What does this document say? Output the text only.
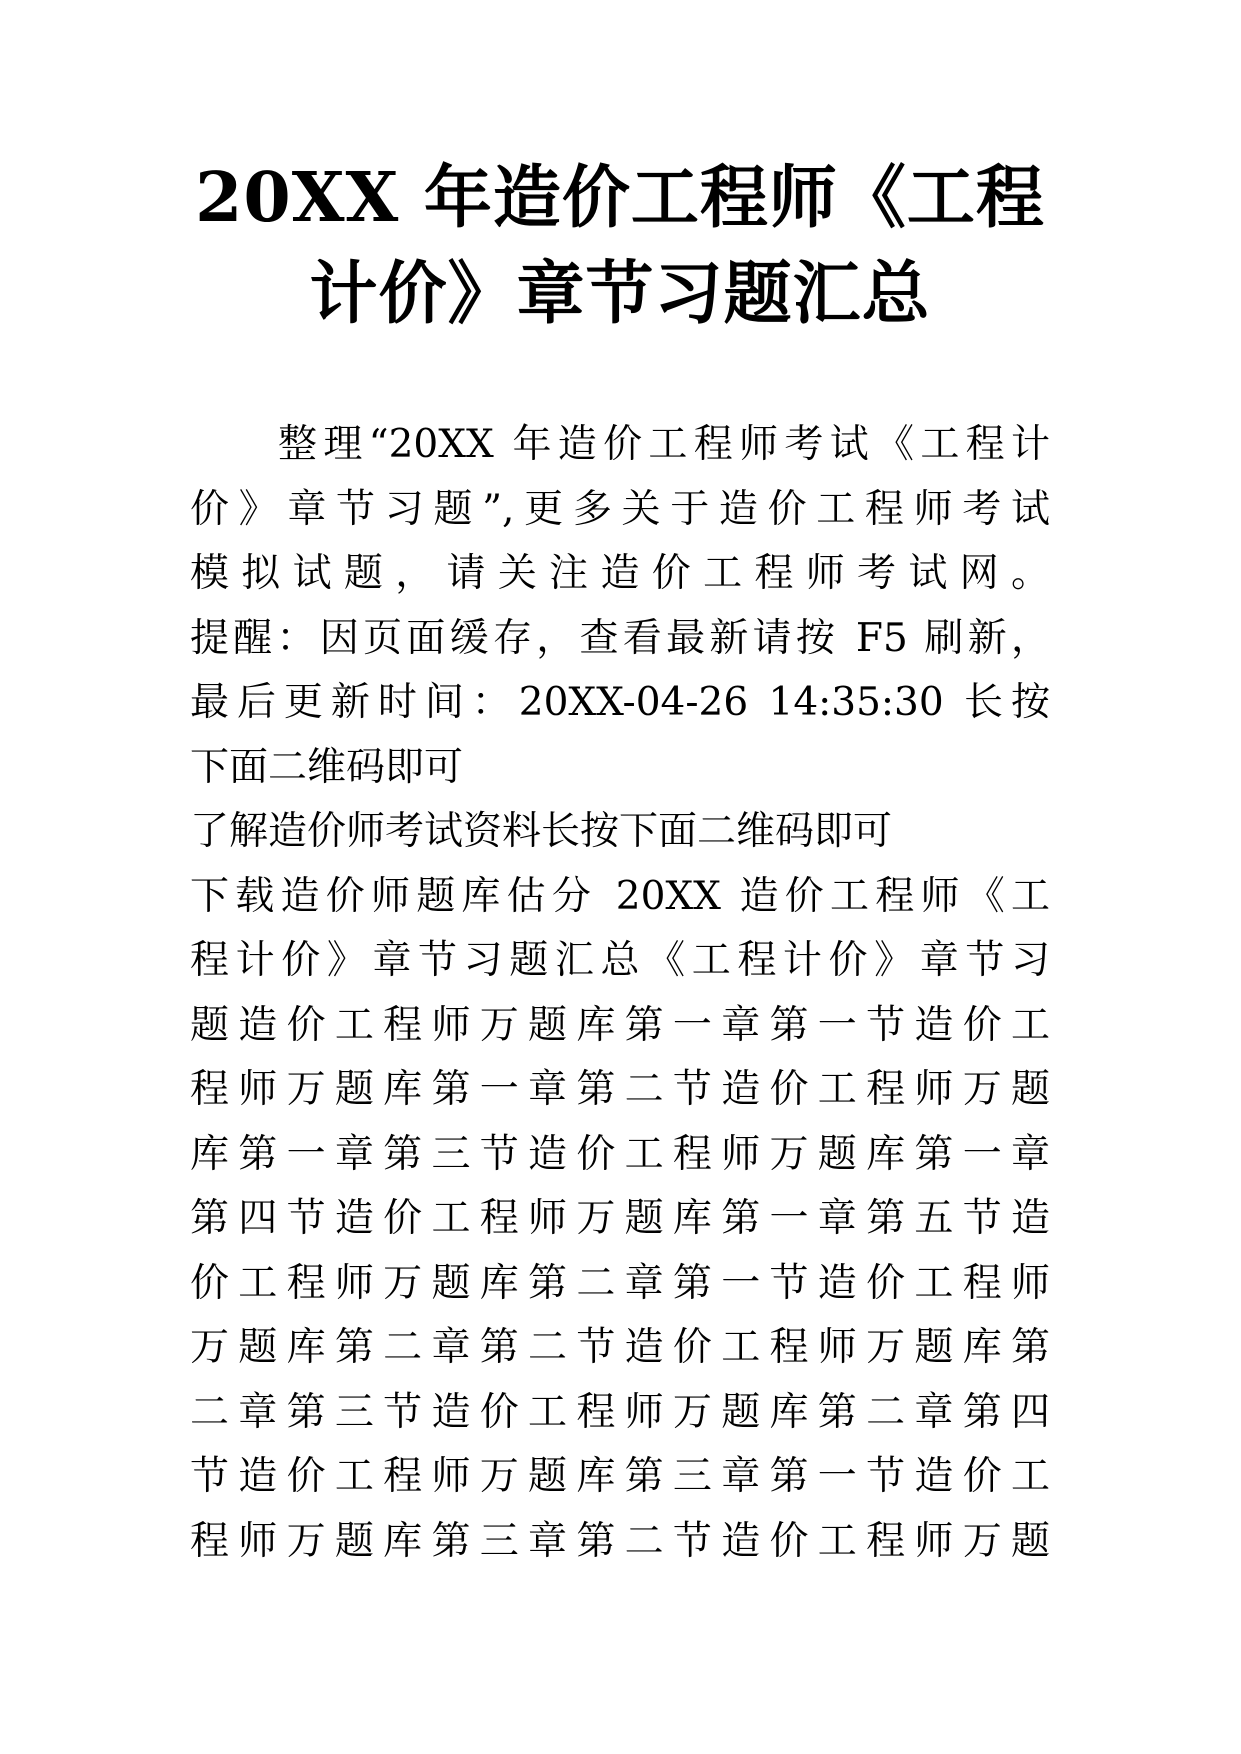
20XX 年造价工程师《工程
计价》章节习题汇总
整理“20XX 年造价工程师考试《工程计
价》章节习题”,更多关于造价工程师考试
模拟试题，请关注造价工程师考试网。
提醒：因页面缓存，查看最新请按 F5 刷新，
最后更新时间：20XX-04-26 14:35:30 长按
下面二维码即可
了解造价师考试资料长按下面二维码即可
下载造价师题库估分 20XX 造价工程师《工
程计价》章节习题汇总《工程计价》章节习
题造价工程师万题库第一章第一节造价工
程师万题库第一章第二节造价工程师万题
库第一章第三节造价工程师万题库第一章
第四节造价工程师万题库第一章第五节造
价工程师万题库第二章第一节造价工程师
万题库第二章第二节造价工程师万题库第
二章第三节造价工程师万题库第二章第四
节造价工程师万题库第三章第一节造价工
程师万题库第三章第二节造价工程师万题
